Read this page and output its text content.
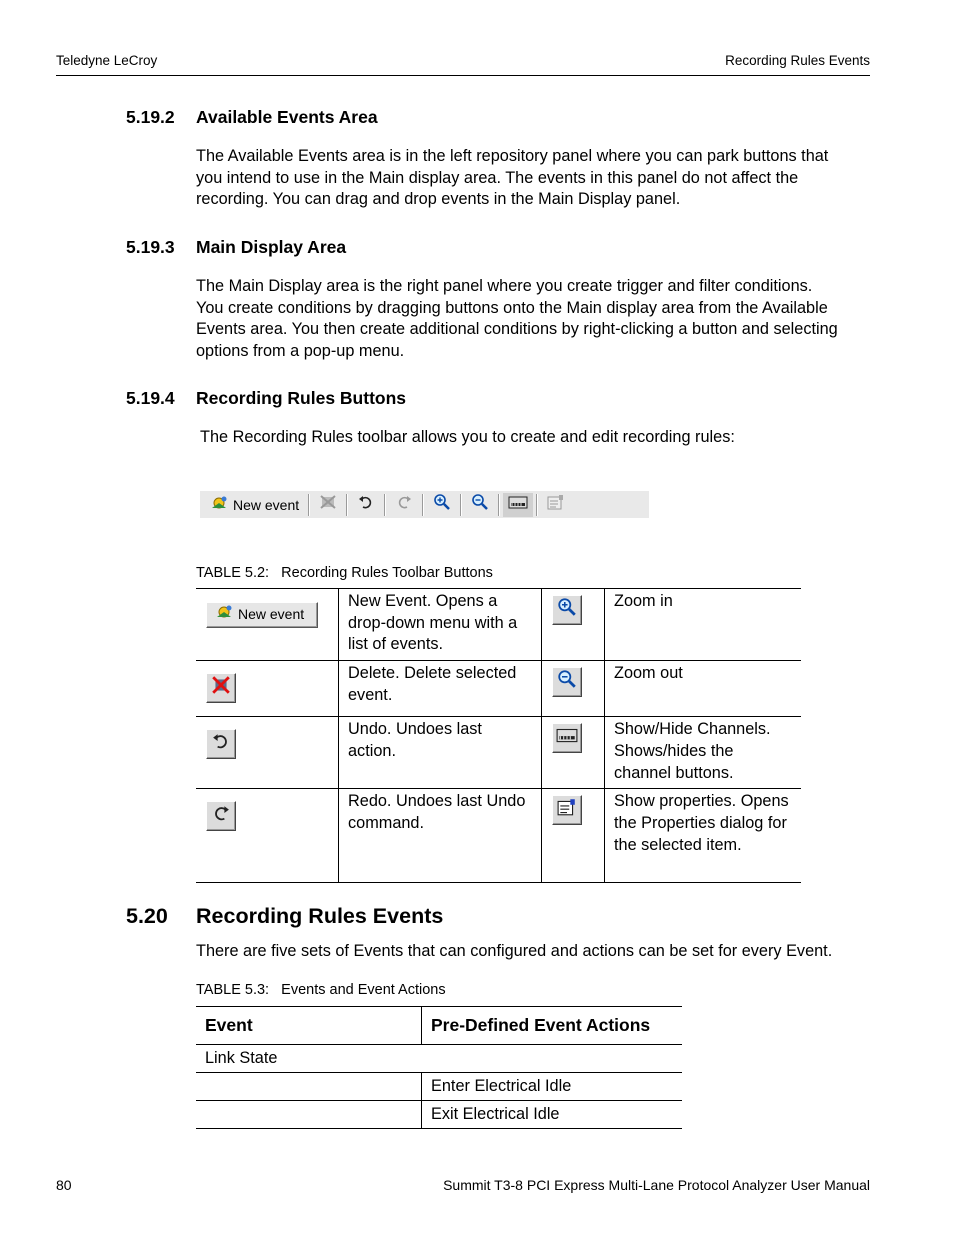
Teledyne LeCroy	Recording Rules Events
5.19.2 Available Events Area
The Available Events area is in the left repository panel where you can park buttons that
you intend to use in the Main display area. The events in this panel do not affect the
recording. You can drag and drop events in the Main Display panel.
5.19.3 Main Display Area
The Main Display area is the right panel where you create trigger and filter conditions.
You create conditions by dragging buttons onto the Main display area from the Available
Events area. You then create additional conditions by right-clicking a button and selecting
options from a pop-up menu.
5.19.4 Recording Rules Buttons
The Recording Rules toolbar allows you to create and edit recording rules:
New event
TABLE 5.2: Recording Rules Toolbar Buttons
New event	New Event. Opens a drop-down menu with a list of events.		Zoom in

	Delete. Delete selected event.		Zoom out

	Undo. Undoes last action.		Show/Hide Channels. Shows/hides the channel buttons.

	Redo. Undoes last Undo command.		Show properties. Opens the Properties dialog for the selected item.
5.20 Recording Rules Events
There are five sets of Events that can configured and actions can be set for every Event.
TABLE 5.3: Events and Event Actions
Event	Pre-Defined Event Actions
Link State	
	Enter Electrical Idle
	Exit Electrical Idle
80	Summit T3-8 PCI Express Multi-Lane Protocol Analyzer User Manual
